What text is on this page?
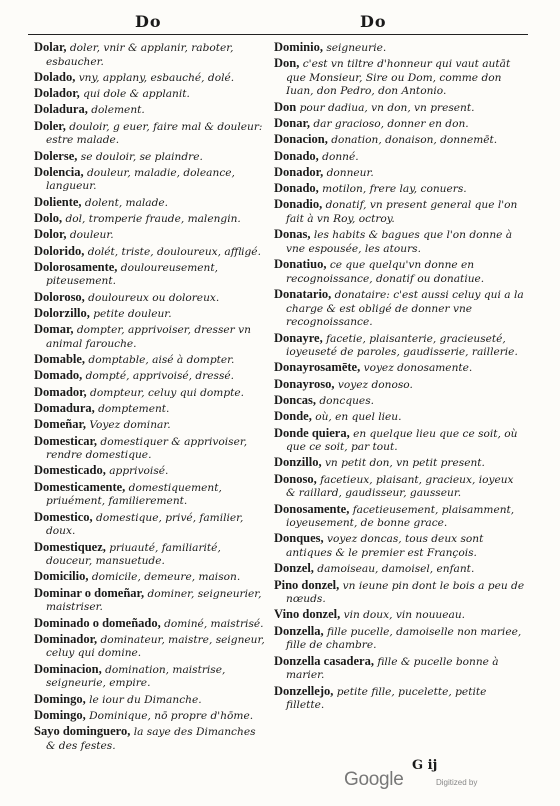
Do	Do
Dolar, doler, vnir & applanir, raboter, esbaucher.
Dolado, vny, applany, esbauché, dolé.
Dolador, qui dole & applanit.
Doladura, dolement.
Doler, douloir, g euer, faire mal & douleur: estre malade.
Dolerse, se douloir, se plaindre.
Dolencia, douleur, maladie, doleance, langueur.
Doliente, dolent, malade.
Dolo, dol, tromperie fraude, malengin.
Dolor, douleur.
Dolorido, dolét, triste, douloureux, affligé.
Dolorosamente, douloureusement, piteusement.
Doloroso, douloureux ou doloreux.
Dolorzillo, petite douleur.
Domar, dompter, apprivoiser, dresser vn animal farouche.
Domable, domptable, aisé à dompter.
Domado, dompté, apprivoisé, dressé.
Domador, dompteur, celuy qui dompte.
Domadura, domptement.
Domeñar, Voyez dominar.
Domesticar, domestiquer & apprivoiser, rendre domestique.
Domesticado, apprivoisé.
Domesticamente, domestiquement, priuément, familierement.
Domestico, domestique, privé, familier, doux.
Domestiquez, priuauté, familiarité, douceur, mansuetude.
Domicilio, domicile, demeure, maison.
Dominar o domeñar, dominer, seigneurier, maistriser.
Dominado o domeñado, dominé, maistrisé.
Dominador, dominateur, maistre, seigneur, celuy qui domine.
Dominacion, domination, maistrise, seigneurie, empire.
Domingo, le iour du Dimanche.
Domingo, Dominique, nō propre d'hōme.
Sayo dominguero, la saye des Dimanches & des festes.
Dominio, seigneurie.
Don, c'est vn tiltre d'honneur qui vaut autāt que Monsieur, Sire ou Dom, comme don Iuan, don Pedro, don Antonio.
Don pour dadiua, vn don, vn present.
Donar, dar gracioso, donner en don.
Donacion, donation, donaison, donnemēt.
Donado, donné.
Donador, donneur.
Donado, motilon, frere lay, conuers.
Donadio, donatif, vn present general que l'on fait à vn Roy, octroy.
Donas, les habits & bagues que l'on donne à vne espousée, les atours.
Donatiuo, ce que quelqu'vn donne en recognoissance, donatif ou donatiue.
Donatario, donataire: c'est aussi celuy qui a la charge & est obligé de donner vne recognoissance.
Donayre, facetie, plaisanterie, gracieuseté, ioyeuseté de paroles, gaudisserie, raillerie.
Donayrosamēte, voyez donosamente.
Donayroso, voyez donoso.
Doncas, doncques.
Donde, où, en quel lieu.
Donde quiera, en quelque lieu que ce soit, où que ce soit, par tout.
Donzillo, vn petit don, vn petit present.
Donoso, facetieux, plaisant, gracieux, ioyeux & raillard, gaudisseur, gausseur.
Donosamente, facetieusement, plaisamment, ioyeusement, de bonne grace.
Donques, voyez doncas, tous deux sont antiques & le premier est François.
Donzel, damoiseau, damoisel, enfant.
Pino donzel, vn ieune pin dont le bois a peu de nœuds.
Vino donzel, vin doux, vin nouueau.
Donzella, fille pucelle, damoiselle non mariee, fille de chambre.
Donzella casadera, fille & pucelle bonne à marier.
Donzellejo, petite fille, pucelette, petite fillette.
Digitized by
Google
G ij
